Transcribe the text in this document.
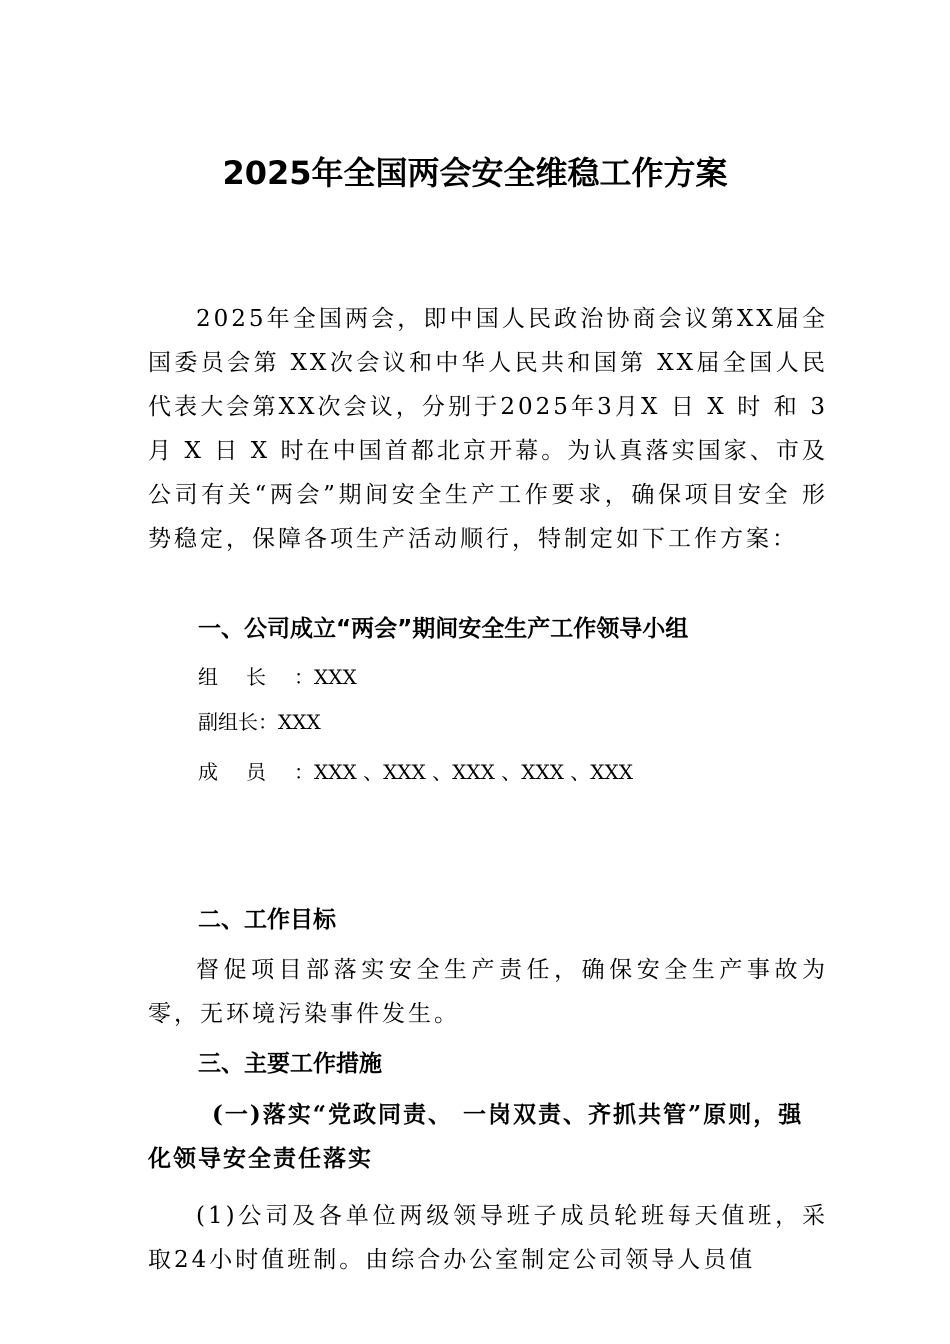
2025年全国两会安全维稳工作方案

2025年全国两会，即中国人民政治协商会议第XX届全国委员会第 XX次会议和中华人民共和国第 XX届全国人民代表大会第XX次会议，分别于2025年3月X 日 X 时 和 3 月 X 日 X 时在中国首都北京开幕。为认真落实国家、市及 公司有关“两会”期间安全生产工作要求，确保项目安全 形势稳定，保障各项生产活动顺行，特制定如下工作方案：

一、公司成立“两会”期间安全生产工作领导小组

组长：XXX

副组长：XXX

成员：XXX 、XXX 、XXX 、XXX 、XXX

二、工作目标

督促项目部落实安全生产责任，确保安全生产事故为零，无环境污染事件发生。

三、主要工作措施
(一)落实“党政同责、 一岗双责、齐抓共管”原则，强化领导安全责任落实

(1)公司及各单位两级领导班子成员轮班每天值班，采取24小时值班制。由综合办公室制定公司领导人员值
